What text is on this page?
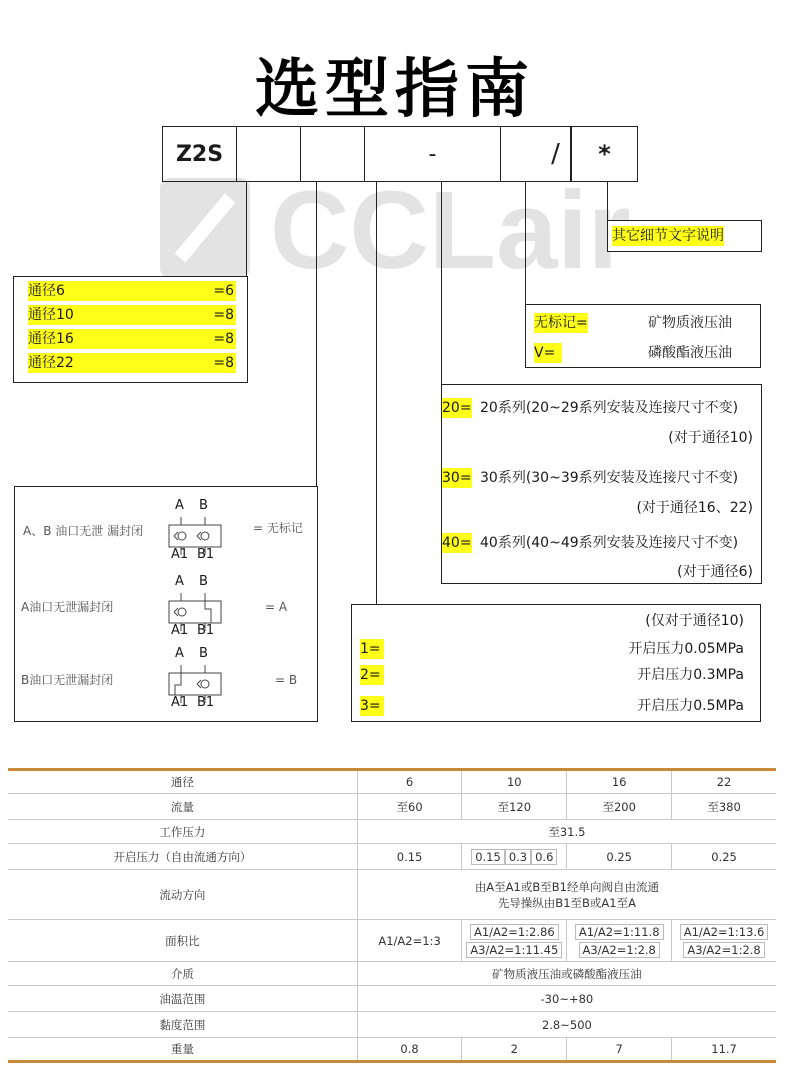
选型指南
CCLair
Z2S	-	/	*
其它细节文字说明
通径6	=6
通径10	=8
通径16	=8
通径22	=8
无标记=	矿物质液压油
V=	磷酸酯液压油
20= 20系列(20~29系列安装及连接尺寸不变)
(对于通径10)
30= 30系列(30~39系列安装及连接尺寸不变)
(对于通径16、22)
40= 40系列(40~49系列安装及连接尺寸不变)
(对于通径6)
(仅对于通径10)
1=	开启压力0.05MPa
2=	开启压力0.3MPa
3=	开启压力0.5MPa
A、B 油口无泄 漏封闭	= 无标记
A B
A1 B1
A油口无泄漏封闭	= A
A B
A1 B1
B油口无泄漏封闭	= B
A B
A1 B1
通径	6	10	16	22
流量	至60	至120	至200	至380
工作压力	至31.5			
开启压力（自由流通方向）	0.15	0.15 0.3 0.6	0.25	0.25
流动方向	由A至A1或B至B1经单向阀自由流通
先导操纵由B1至B或A1至A			

面积比	A1/A2=1:3	A1/A2=1:2.86 A3/A2=1:11.45	A1/A2=1:11.8 A3/A2=1:2.8	A1/A2=1:13.6 A3/A2=1:2.8
介质	矿物质液压油或磷酸酯液压油			
油温范围	-30~+80			
黏度范围	2.8~500			
重量	0.8	2	7	11.7
